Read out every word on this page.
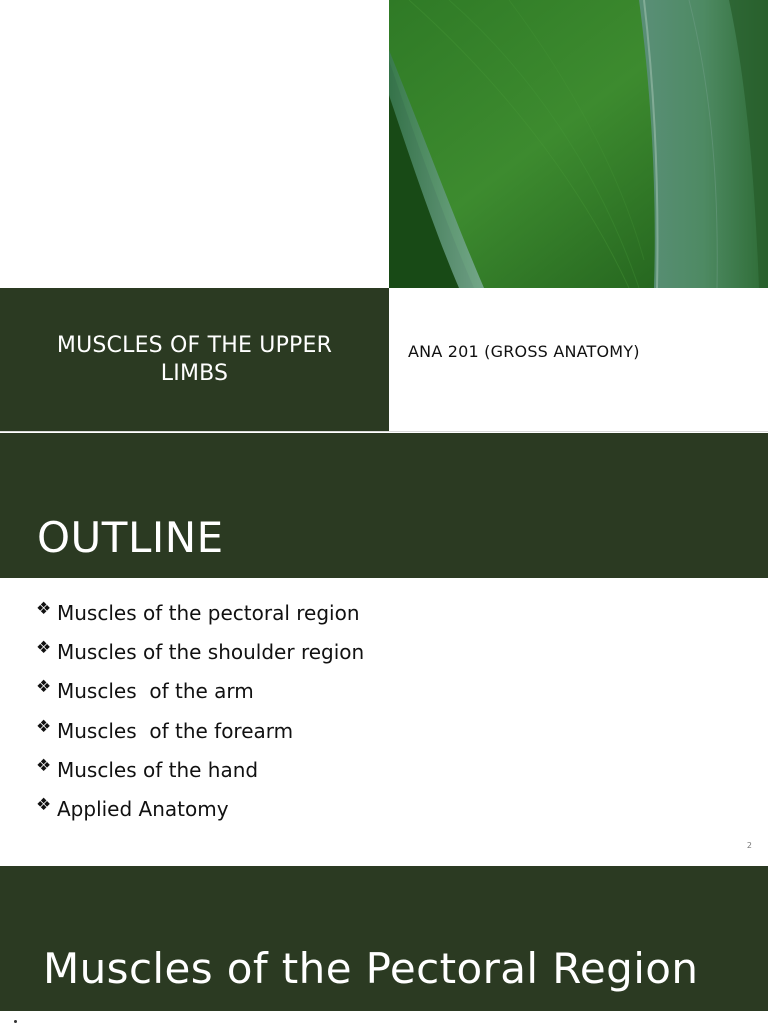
MUSCLES OF THE UPPER LIMBS
ANA 201 (GROSS ANATOMY)
OUTLINE
❖ Muscles of the pectoral region
❖ Muscles of the shoulder region
❖ Muscles  of the arm
❖ Muscles  of the forearm
❖ Muscles of the hand
❖ Applied Anatomy
2
Muscles of the Pectoral Region
